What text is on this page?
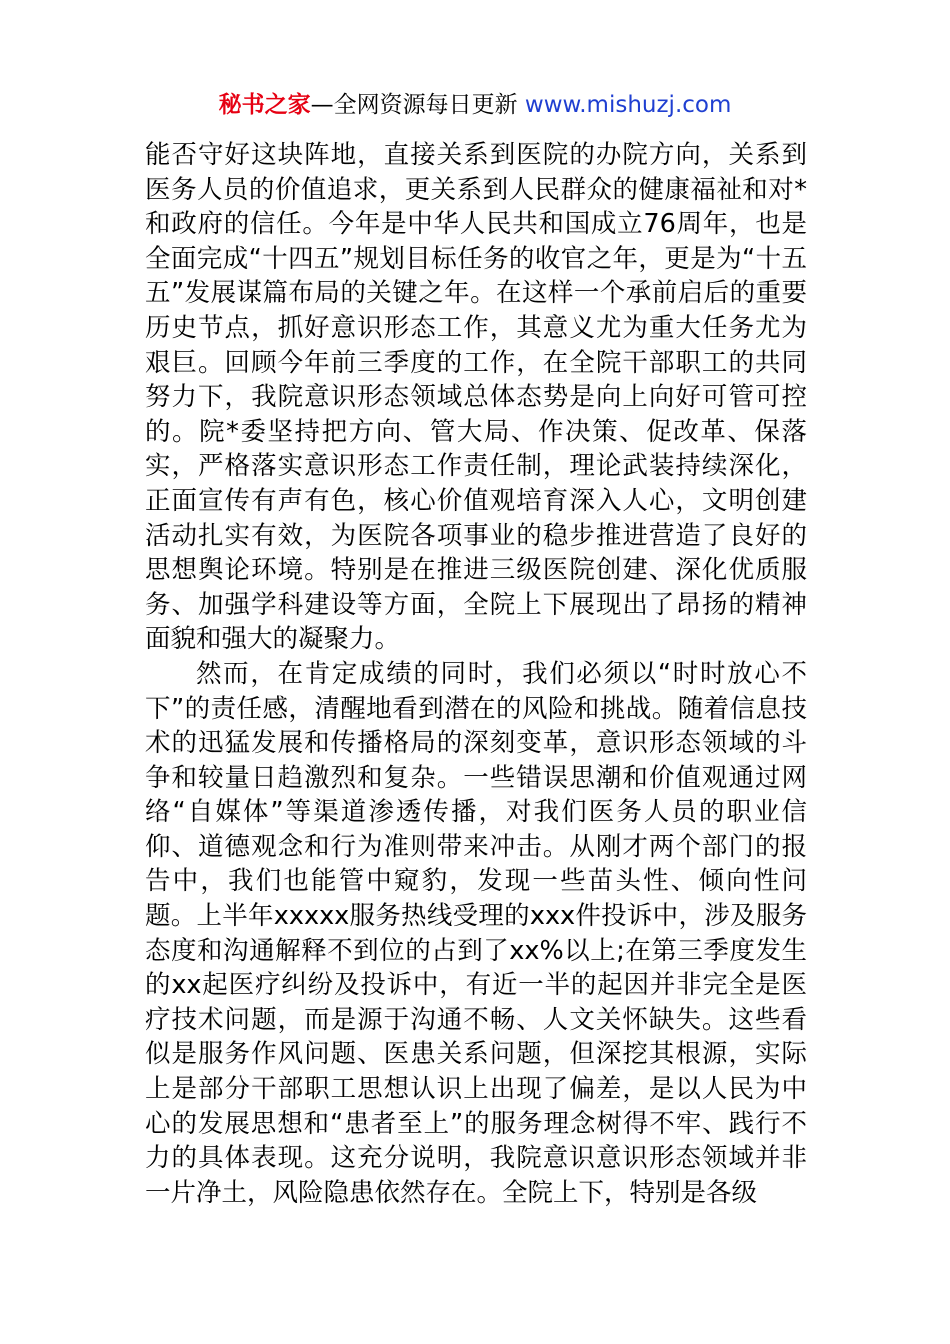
秘书之家—全网资源每日更新 www.mishuzj.com

能否守好这块阵地，直接关系到医院的办院方向，关系到医务人员的价值追求，更关系到人民群众的健康福祉和对*和政府的信任。今年是中华人民共和国成立76周年，也是全面完成“十四五”规划目标任务的收官之年，更是为“十五五”发展谋篇布局的关键之年。在这样一个承前启后的重要历史节点，抓好意识形态工作，其意义尤为重大任务尤为艰巨。回顾今年前三季度的工作，在全院干部职工的共同努力下，我院意识形态领域总体态势是向上向好可管可控的。院*委坚持把方向、管大局、作决策、促改革、保落实，严格落实意识形态工作责任制，理论武装持续深化，正面宣传有声有色，核心价值观培育深入人心，文明创建活动扎实有效，为医院各项事业的稳步推进营造了良好的思想舆论环境。特别是在推进三级医院创建、深化优质服务、加强学科建设等方面，全院上下展现出了昂扬的精神面貌和强大的凝聚力。

然而，在肯定成绩的同时，我们必须以“时时放心不下”的责任感，清醒地看到潜在的风险和挑战。随着信息技术的迅猛发展和传播格局的深刻变革，意识形态领域的斗争和较量日趋激烈和复杂。一些错误思潮和价值观通过网络“自媒体”等渠道渗透传播，对我们医务人员的职业信仰、道德观念和行为准则带来冲击。从刚才两个部门的报告中，我们也能管中窥豹，发现一些苗头性、倾向性问题。上半年xxxxx服务热线受理的xxx件投诉中，涉及服务态度和沟通解释不到位的占到了xx%以上;在第三季度发生的xx起医疗纠纷及投诉中，有近一半的起因并非完全是医疗技术问题，而是源于沟通不畅、人文关怀缺失。这些看似是服务作风问题、医患关系问题，但深挖其根源，实际上是部分干部职工思想认识上出现了偏差，是以人民为中心的发展思想和“患者至上”的服务理念树得不牢、践行不力的具体表现。这充分说明，我院意识意识形态领域并非一片净土，风险隐患依然存在。全院上下，特别是各级
